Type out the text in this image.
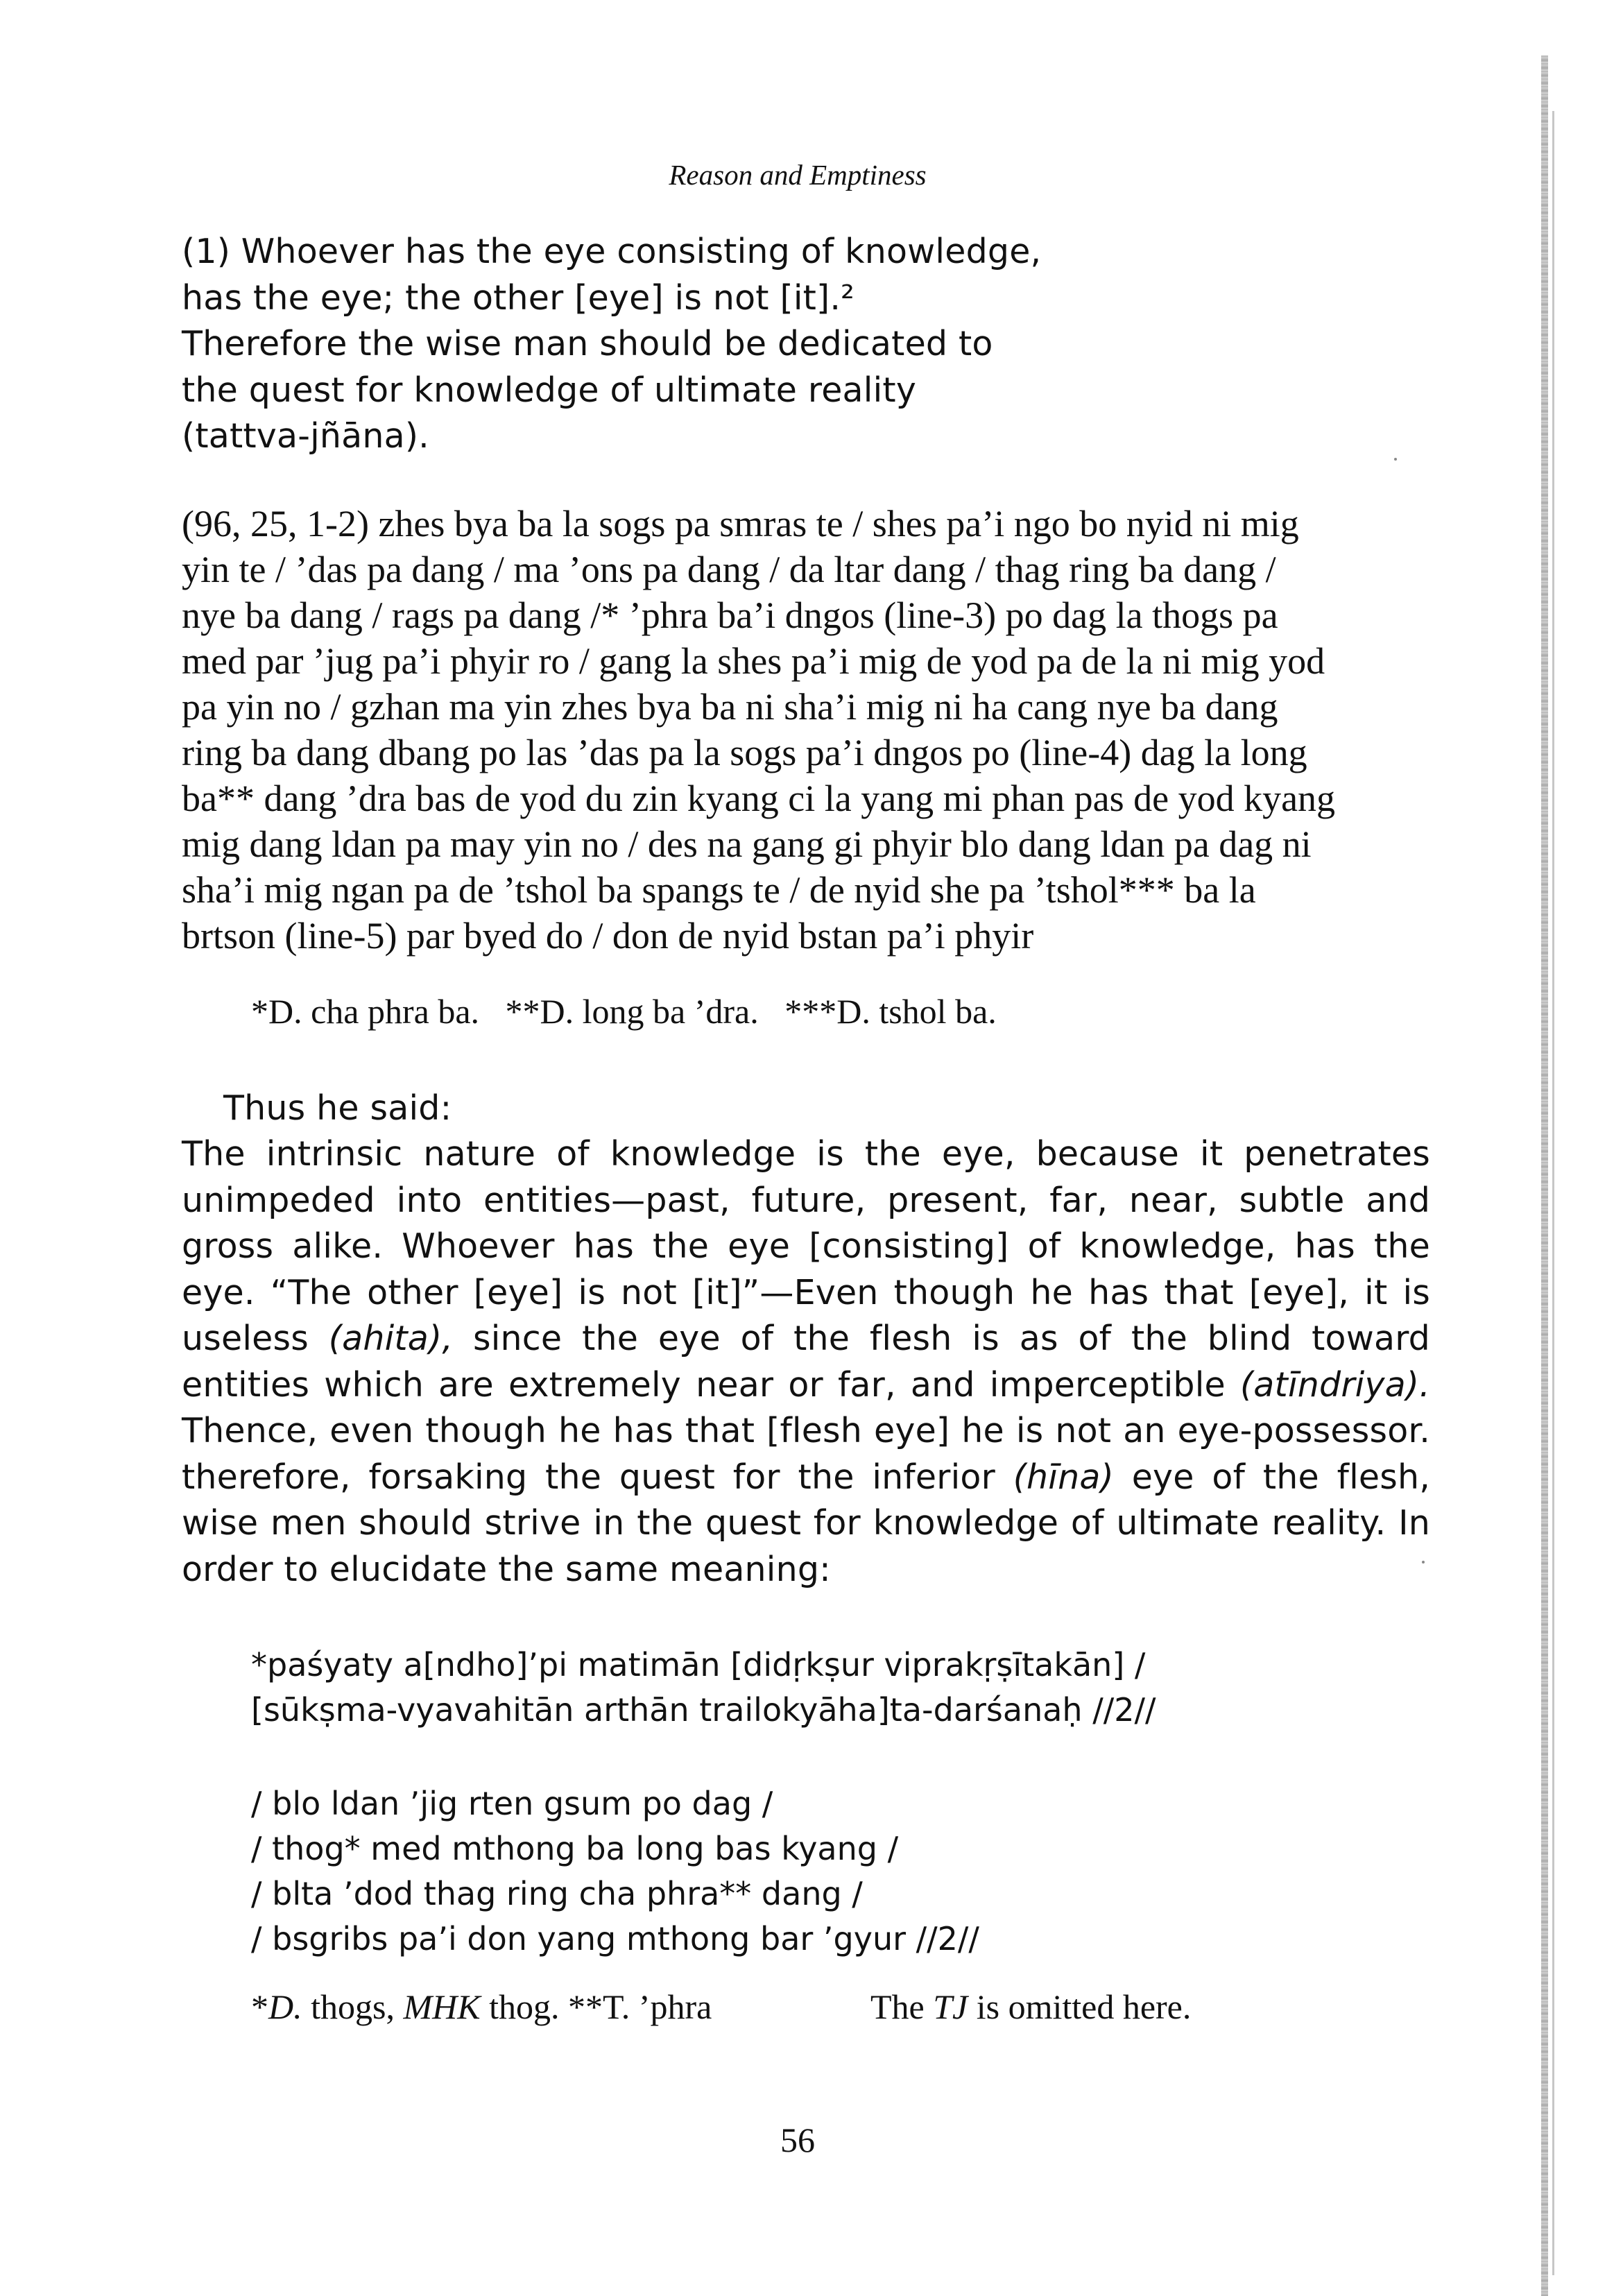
Reason and Emptiness
(1) Whoever has the eye consisting of knowledge,
has the eye; the other [eye] is not [it].²
Therefore the wise man should be dedicated to
the quest for knowledge of ultimate reality
(tattva-jñāna).
(96, 25, 1-2) zhes bya ba la sogs pa smras te / shes pa’i ngo bo nyid ni mig
yin te / ’das pa dang / ma ’ons pa dang / da ltar dang / thag ring ba dang /
nye ba dang / rags pa dang /* ’phra ba’i dngos (line-3) po dag la thogs pa
med par ’jug pa’i phyir ro / gang la shes pa’i mig de yod pa de la ni mig yod
pa yin no / gzhan ma yin zhes bya ba ni sha’i mig ni ha cang nye ba dang
ring ba dang dbang po las ’das pa la sogs pa’i dngos po (line-4) dag la long
ba** dang ’dra bas de yod du zin kyang ci la yang mi phan pas de yod kyang
mig dang ldan pa may yin no / des na gang gi phyir blo dang ldan pa dag ni
sha’i mig ngan pa de ’tshol ba spangs te / de nyid she pa ’tshol*** ba la
brtson (line-5) par byed do / don de nyid bstan pa’i phyir
*D. cha phra ba.   **D. long ba ’dra.   ***D. tshol ba.
Thus he said:
The intrinsic nature of knowledge is the eye, because it penetrates unimpeded into entities—past, future, present, far, near, subtle and gross alike. Whoever has the eye [consisting] of knowledge, has the eye. “The other [eye] is not [it]”—Even though he has that [eye], it is useless (ahita), since the eye of the flesh is as of the blind toward entities which are extremely near or far, and imperceptible (atīndriya). Thence, even though he has that [flesh eye] he is not an eye-possessor. therefore, forsaking the quest for the inferior (hīna) eye of the flesh, wise men should strive in the quest for knowledge of ultimate reality. In order to elucidate the same meaning:
*paśyaty a[ndho]’pi matimān [didṛkṣur viprakṛṣītakān] /
[sūkṣma-vyavahitān arthān trailokyāha]ta-darśanaḥ //2//
/ blo ldan ’jig rten gsum po dag /
/ thog* med mthong ba long bas kyang /
/ blta ’dod thag ring cha phra** dang /
/ bsgribs pa’i don yang mthong bar ’gyur //2//
*D. thogs, MHK thog. **T. ’phra	The TJ is omitted here.
56
